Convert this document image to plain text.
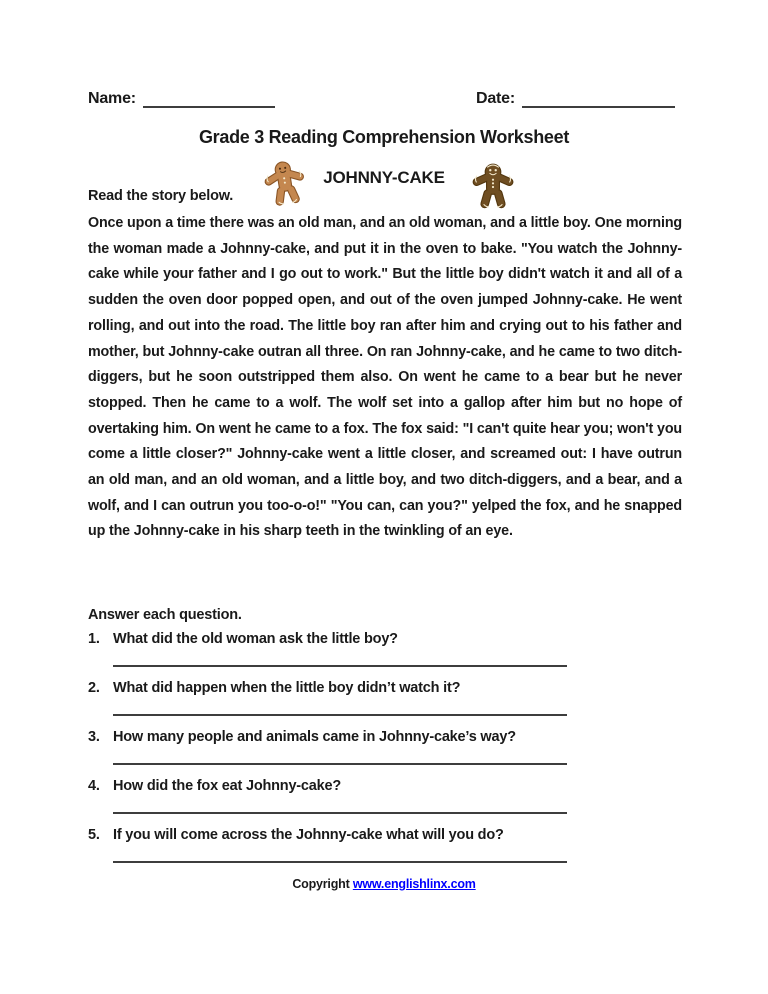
Name:	Date:
Grade 3 Reading Comprehension Worksheet
JOHNNY-CAKE
Read the story below.
Once upon a time there was an old man, and an old woman, and a little boy. One morning the woman made a Johnny-cake, and put it in the oven to bake. "You watch the Johnny-cake while your father and I go out to work." But the little boy didn't watch it and all of a sudden the oven door popped open, and out of the oven jumped Johnny-cake. He went rolling, and out into the road. The little boy ran after him and crying out to his father and mother, but Johnny-cake outran all three. On ran Johnny-cake, and he came to two ditch-diggers, but he soon outstripped them also. On went he came to a bear but he never stopped. Then he came to a wolf. The wolf set into a gallop after him but no hope of overtaking him. On went he came to a fox. The fox said: "I can't quite hear you; won't you come a little closer?" Johnny-cake went a little closer, and screamed out: I have outrun an old man, and an old woman, and a little boy, and two ditch-diggers, and a bear, and a wolf, and I can outrun you too-o-o!" "You can, can you?" yelped the fox, and he snapped up the Johnny-cake in his sharp teeth in the twinkling of an eye.
Answer each question.
1. What did the old woman ask the little boy?
2. What did happen when the little boy didn’t watch it?
3. How many people and animals came in Johnny-cake’s way?
4. How did the fox eat Johnny-cake?
5. If you will come across the Johnny-cake what will you do?
Copyright www.englishlinx.com
